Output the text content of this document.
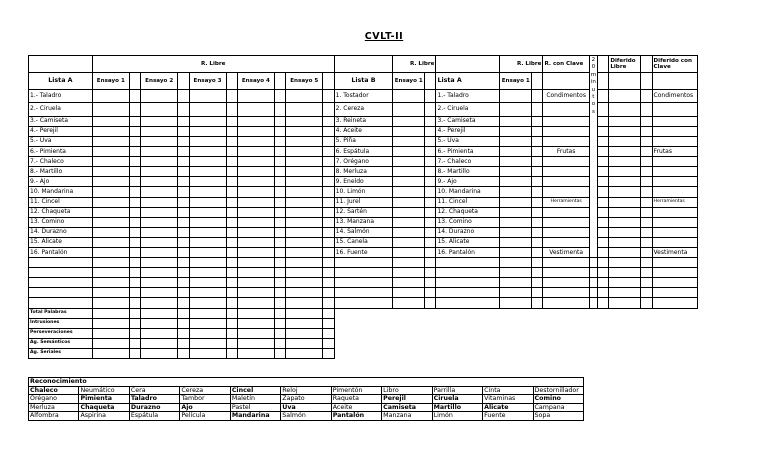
CVLT-II
	R. Libre											R. Libre			R. Libre		R. con Clave	20 minutos		Diferido Libre		Diferido con Clave
Lista A	Ensayo 1		Ensayo 2		Ensayo 3		Ensayo 4		Ensayo 5		Lista B	Ensayo 1		Lista A	Ensayo 1							
1.- Taladro											1. Tostador			1.- Taladro			Condimentos					Condimentos
2.- Ciruela											2. Cereza			2.- Ciruela								
3.- Camiseta											3. Reineta			3.- Camiseta								
4.- Perejil											4. Aceite			4.- Perejil								
5.- Uva											5. Piña			5.- Uva								
6.- Pimienta											6. Espátula			6.- Pimienta			Frutas					Frutas
7.- Chaleco											7. Orégano			7.- Chaleco								
8.- Martillo											8. Merluza			8.- Martillo								
9.- Ajo											9. Eneldo			9.- Ajo								
10. Mandarina											10. Limón			10. Mandarina								
11. Cincel											11. Jurel			11. Cincel			Herramientas					Herramientas
12. Chaqueta											12. Sartén			12. Chaqueta								
13. Comino											13. Manzana			13. Comino								
14. Durazno											14. Salmón			14. Durazno								
15. Alicate											15. Canela			15. Alicate								
16. Pantalón											16. Fuente			16. Pantalón			Vestimenta					Vestimenta

Total Palabras																						
Intrusiones																						
Perseveraciones																						
Ag. Semánticos																						
Ag. Seriales																						
Reconocimiento										
Chaleco	Neumático	Cera	Cereza	Cincel	Reloj	Pimentón	Libro	Parrilla	Cinta	Destornillador
Orégano	Pimienta	Taladro	Tambor	Maletín	Zapato	Raqueta	Perejil	Ciruela	Vitaminas	Comino
Merluza	Chaqueta	Durazno	Ajo	Pastel	Uva	Aceite	Camiseta	Martillo	Alicate	Campana
Alfombra	Aspirina	Espátula	Película	Mandarina	Salmón	Pantalón	Manzana	Limón	Fuente	Sopa
